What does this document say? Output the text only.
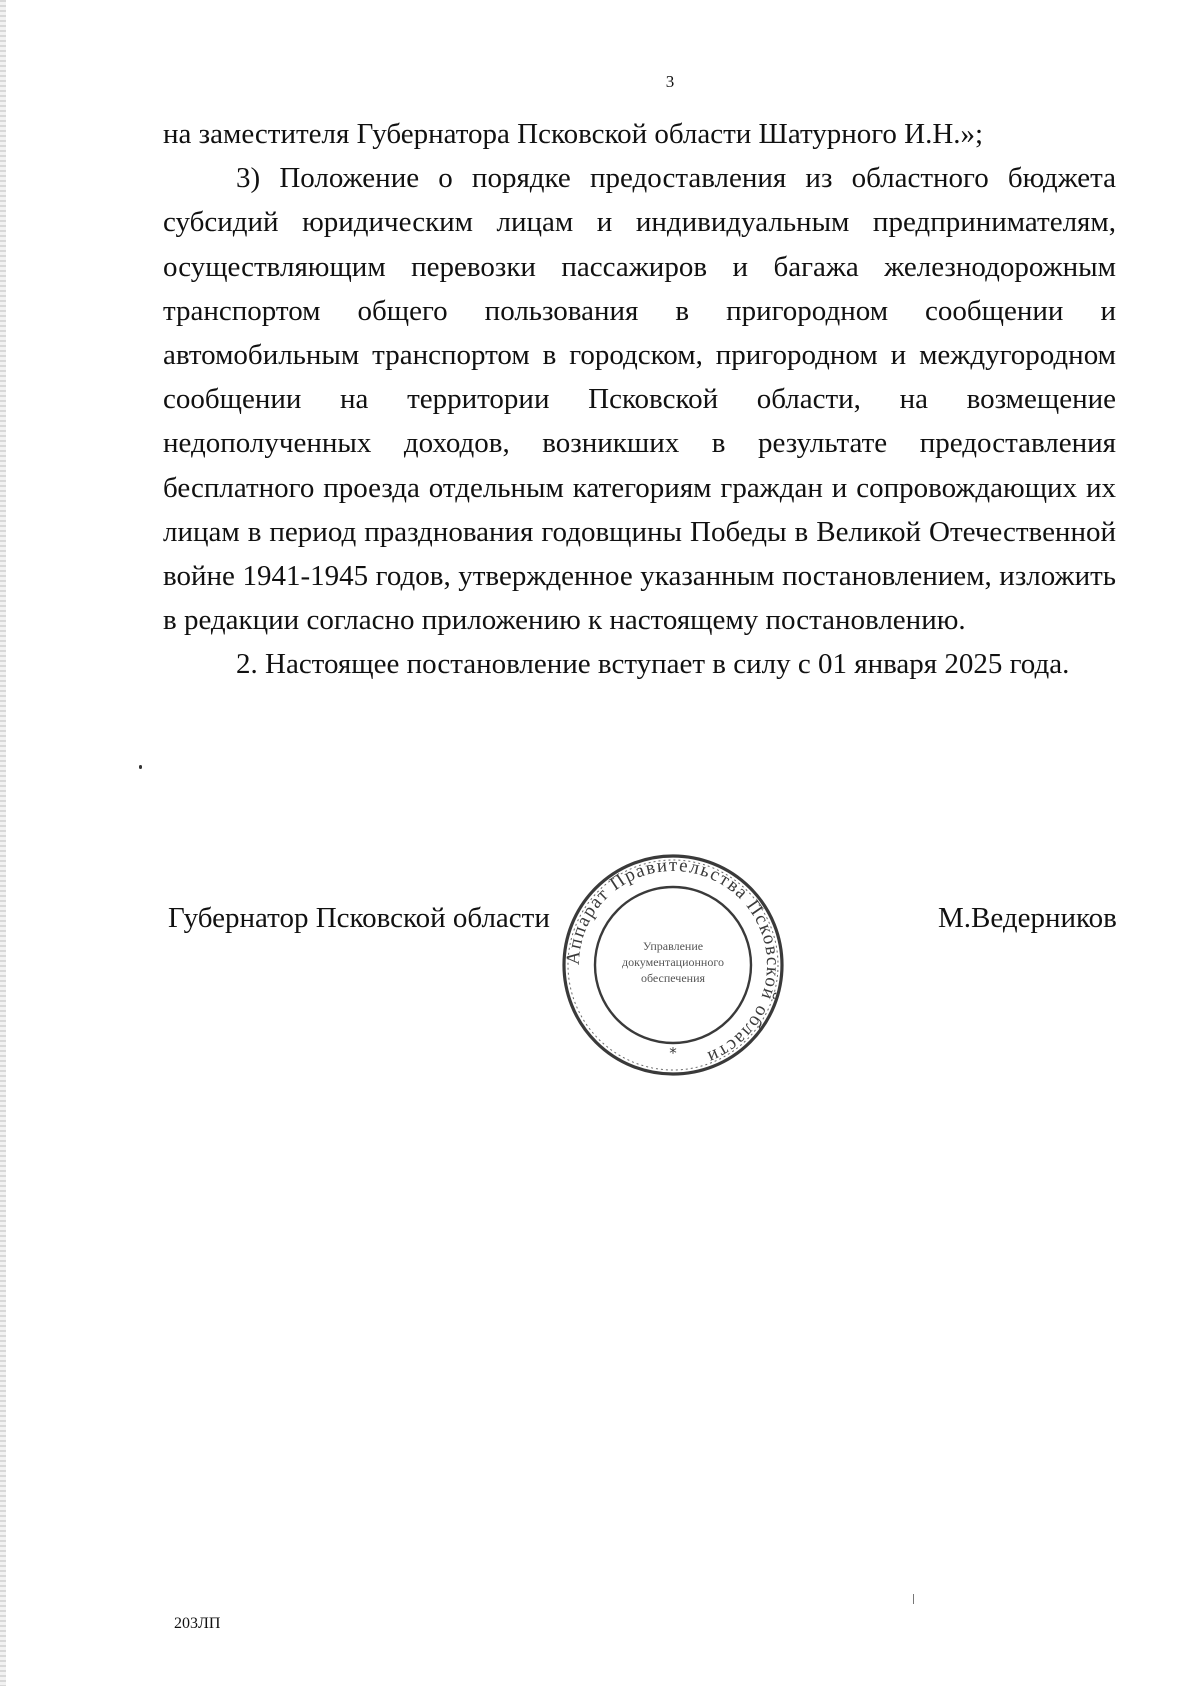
3

на заместителя Губернатора Псковской области Шатурного И.Н.»;

3) Положение о порядке предоставления из областного бюджета субсидий юридическим лицам и индивидуальным предпринимателям, осуществляющим перевозки пассажиров и багажа железнодорожным транспортом общего пользования в пригородном сообщении и автомобильным транспортом в городском, пригородном и междугородном сообщении на территории Псковской области, на возмещение недополученных доходов, возникших в результате предоставления бесплатного проезда отдельным категориям граждан и сопровождающих их лицам в период празднования годовщины Победы в Великой Отечественной войне 1941-1945 годов, утвержденное указанным постановлением, изложить в редакции согласно приложению к настоящему постановлению.

2. Настоящее постановление вступает в силу с 01 января 2025 года.

Губернатор Псковской области	М.Ведерников
Аппарат Правительства Псковской области
Управление
документационного
обеспечения
*
203ЛП
